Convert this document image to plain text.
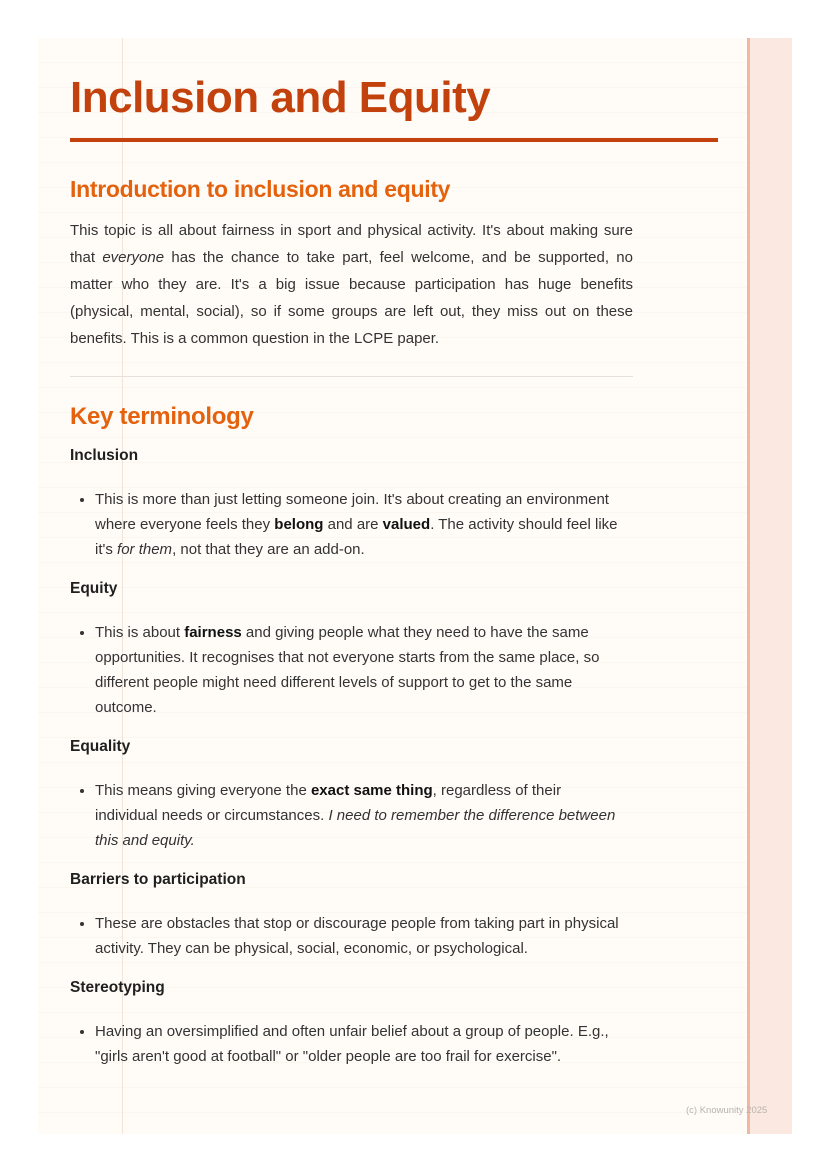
Inclusion and Equity
Introduction to inclusion and equity

This topic is all about fairness in sport and physical activity. It's about making sure that everyone has the chance to take part, feel welcome, and be supported, no matter who they are. It's a big issue because participation has huge benefits (physical, mental, social), so if some groups are left out, they miss out on these benefits. This is a common question in the LCPE paper.

Key terminology
Inclusion
• This is more than just letting someone join. It's about creating an environment where everyone feels they belong and are valued. The activity should feel like it's for them, not that they are an add-on.
Equity
• This is about fairness and giving people what they need to have the same opportunities. It recognises that not everyone starts from the same place, so different people might need different levels of support to get to the same outcome.
Equality
• This means giving everyone the exact same thing, regardless of their individual needs or circumstances. I need to remember the difference between this and equity.
Barriers to participation
• These are obstacles that stop or discourage people from taking part in physical activity. They can be physical, social, economic, or psychological.
Stereotyping
• Having an oversimplified and often unfair belief about a group of people. E.g., "girls aren't good at football" or "older people are too frail for exercise".
(c) Knowunity 2025
